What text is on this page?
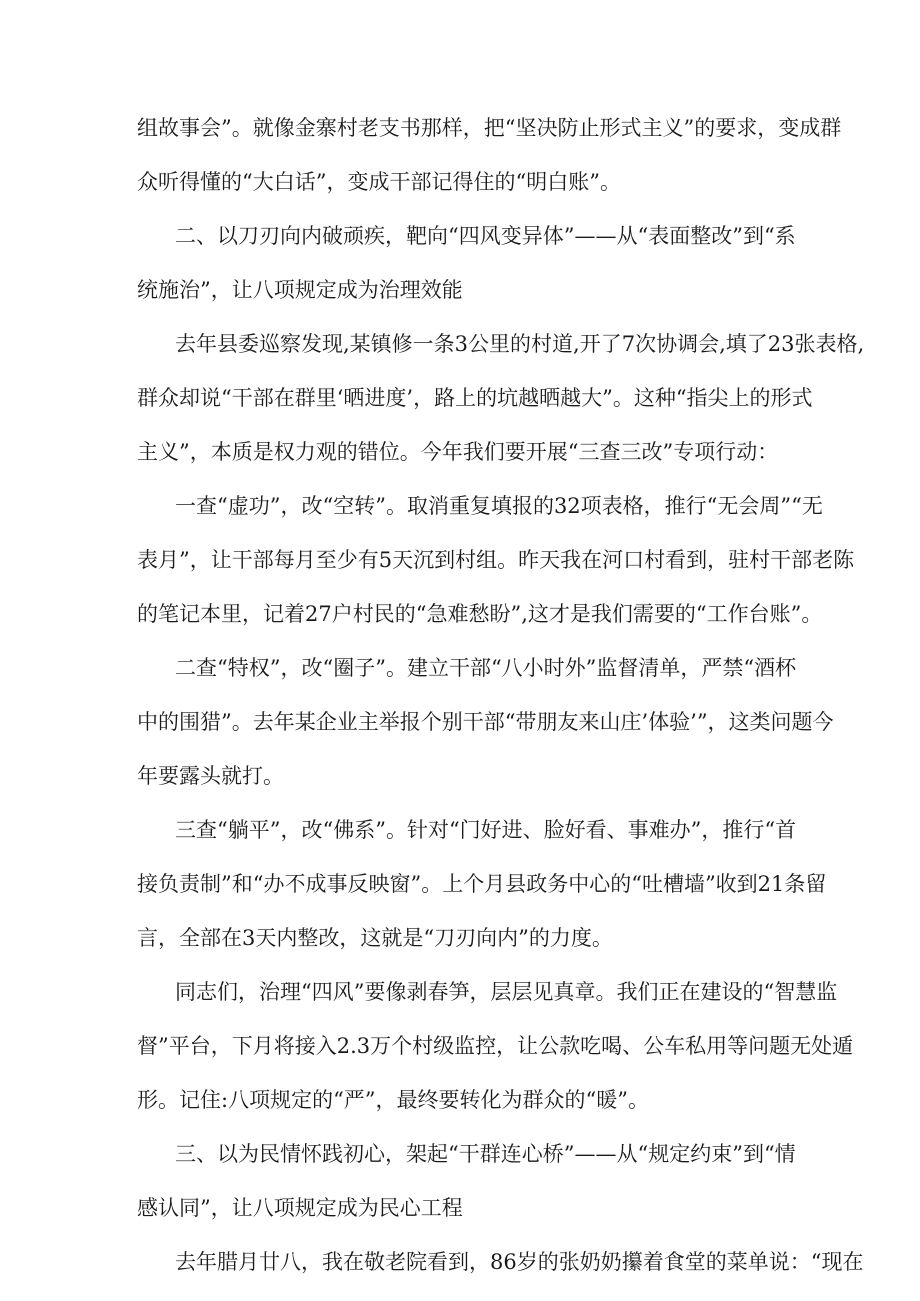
组故事会”。就像金寨村老支书那样，把“坚决防止形式主义”的要求，变成群
众听得懂的“大白话”，变成干部记得住的“明白账”。
二、以刀刃向内破顽疾，靶向“四风变异体”——从“表面整改”到“系
统施治”，让八项规定成为治理效能
去年县委巡察发现,某镇修一条3公里的村道,开了7次协调会,填了23张表格,
群众却说“干部在群里‘晒进度’，路上的坑越晒越大”。这种“指尖上的形式
主义”，本质是权力观的错位。今年我们要开展“三查三改”专项行动：
一查“虚功”，改“空转”。取消重复填报的32项表格，推行“无会周”“无
表月”，让干部每月至少有5天沉到村组。昨天我在河口村看到，驻村干部老陈
的笔记本里，记着27户村民的“急难愁盼”,这才是我们需要的“工作台账”。
二查“特权”，改“圈子”。建立干部“八小时外”监督清单，严禁“酒杯
中的围猎”。去年某企业主举报个别干部“带朋友来山庄’体验’”，这类问题今
年要露头就打。
三查“躺平”，改“佛系”。针对“门好进、脸好看、事难办”，推行“首
接负责制”和“办不成事反映窗”。上个月县政务中心的“吐槽墙”收到21条留
言，全部在3天内整改，这就是“刀刃向内”的力度。
同志们，治理“四风”要像剥春笋，层层见真章。我们正在建设的“智慧监
督”平台，下月将接入2.3万个村级监控，让公款吃喝、公车私用等问题无处遁
形。记住:八项规定的“严”，最终要转化为群众的“暖”。
三、以为民情怀践初心，架起“干群连心桥”——从“规定约束”到“情
感认同”，让八项规定成为民心工程
去年腊月廿八，我在敬老院看到，86岁的张奶奶攥着食堂的菜单说：“现在
